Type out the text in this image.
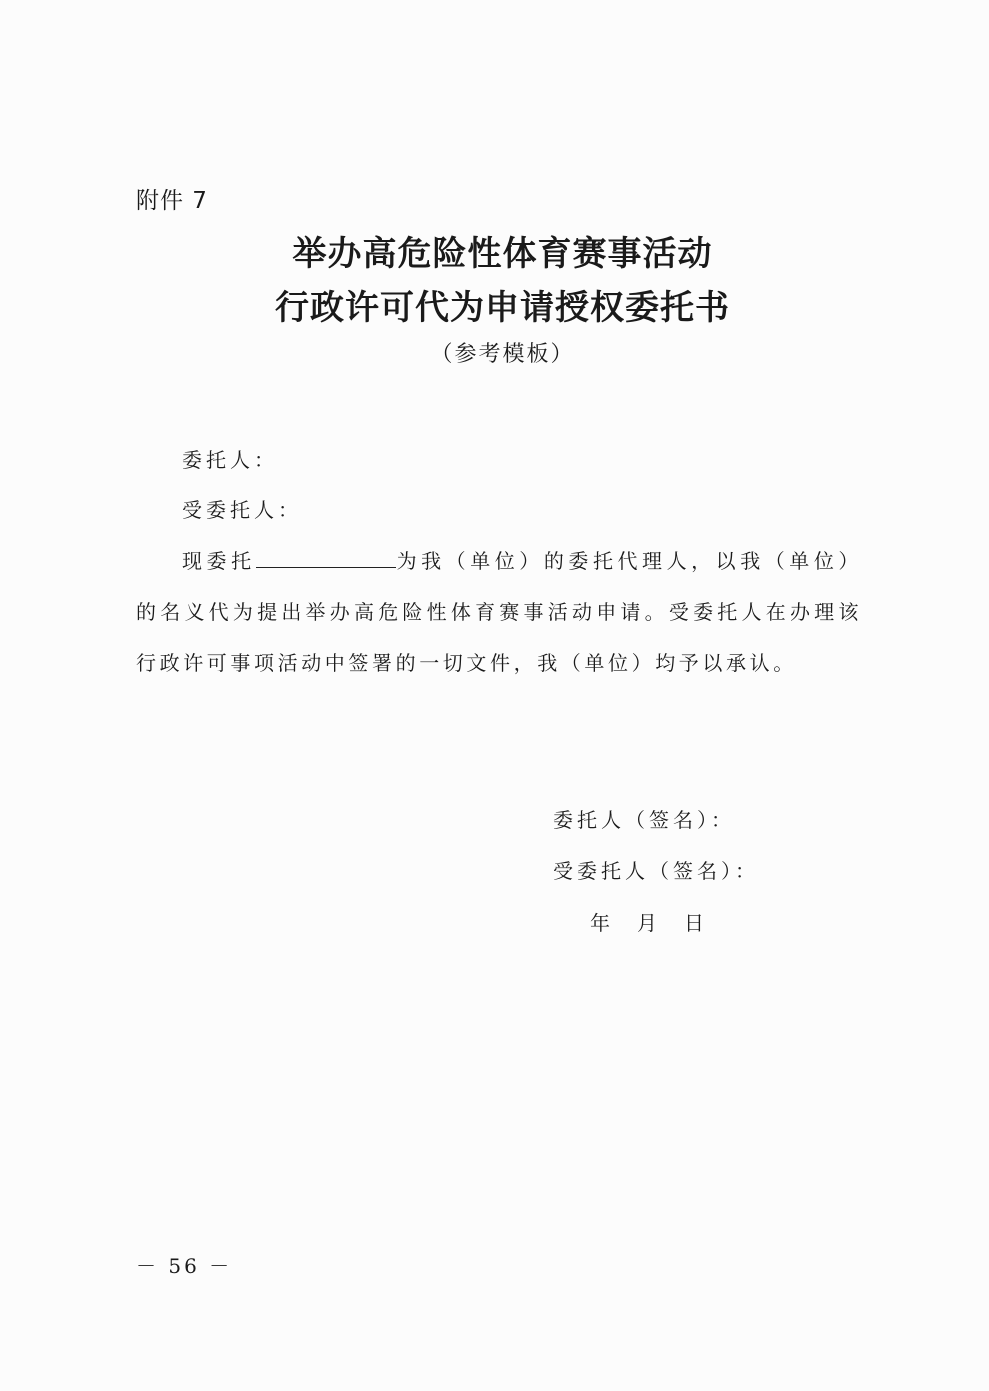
附件 7
举办高危险性体育赛事活动
行政许可代为申请授权委托书
（参考模板）
委托人：
受委托人：
现委托	为我（单位）的委托代理人，以我（单位）的名义代为提出举办高危险性体育赛事活动申请。受委托人在办理该行政许可事项活动中签署的一切文件，我（单位）均予以承认。
委托人（签名）：
受委托人（签名）：
年 月 日
－ 56 －
